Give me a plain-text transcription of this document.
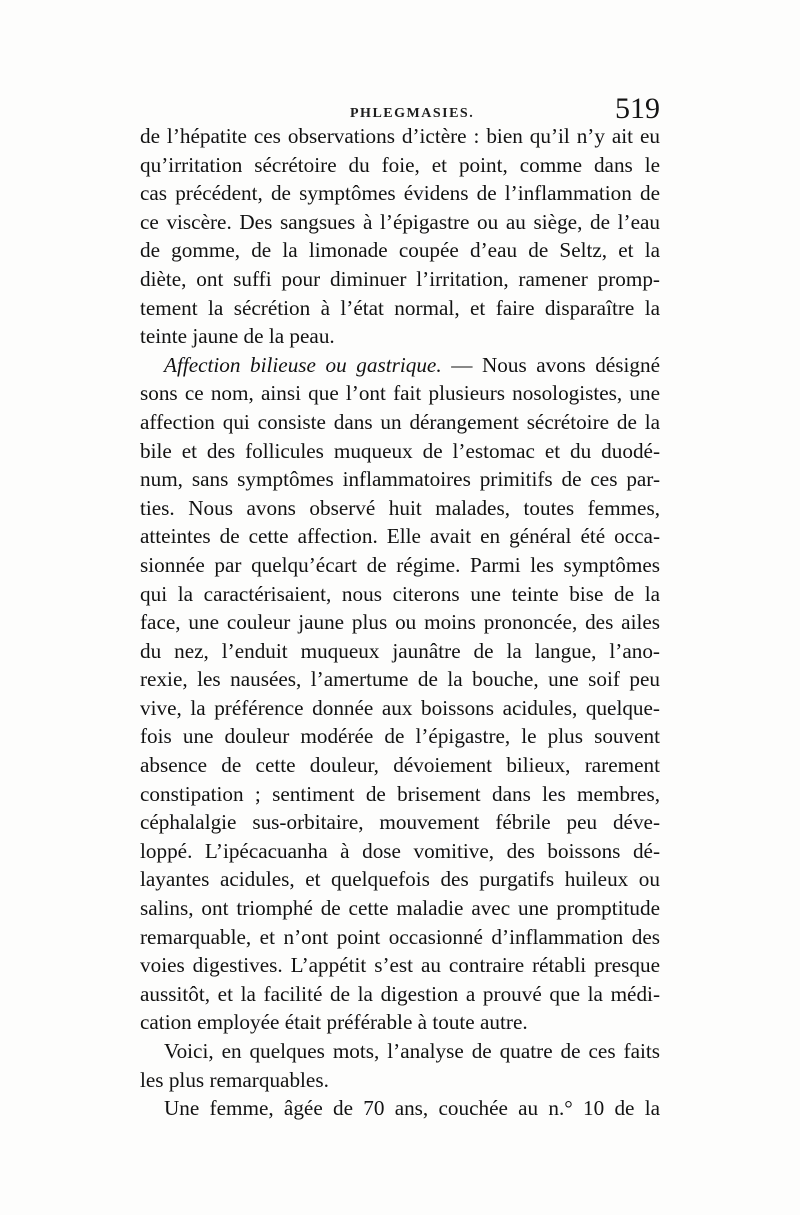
PHLEGMASIES.	519
de l’hépatite ces observations d’ictère : bien qu’il n’y ait eu
qu’irritation sécrétoire du foie, et point, comme dans le
cas précédent, de symptômes évidens de l’inflammation de
ce viscère. Des sangsues à l’épigastre ou au siège, de l’eau
de gomme, de la limonade coupée d’eau de Seltz, et la
diète, ont suffi pour diminuer l’irritation, ramener promp-
tement la sécrétion à l’état normal, et faire disparaître la
teinte jaune de la peau.
Affection bilieuse ou gastrique. — Nous avons désigné
sons ce nom, ainsi que l’ont fait plusieurs nosologistes, une
affection qui consiste dans un dérangement sécrétoire de la
bile et des follicules muqueux de l’estomac et du duodé-
num, sans symptômes inflammatoires primitifs de ces par-
ties. Nous avons observé huit malades, toutes femmes,
atteintes de cette affection. Elle avait en général été occa-
sionnée par quelqu’écart de régime. Parmi les symptômes
qui la caractérisaient, nous citerons une teinte bise de la
face, une couleur jaune plus ou moins prononcée, des ailes
du nez, l’enduit muqueux jaunâtre de la langue, l’ano-
rexie, les nausées, l’amertume de la bouche, une soif peu
vive, la préférence donnée aux boissons acidules, quelque-
fois une douleur modérée de l’épigastre, le plus souvent
absence de cette douleur, dévoiement bilieux, rarement
constipation ; sentiment de brisement dans les membres,
céphalalgie sus-orbitaire, mouvement fébrile peu déve-
loppé. L’ipécacuanha à dose vomitive, des boissons dé-
layantes acidules, et quelquefois des purgatifs huileux ou
salins, ont triomphé de cette maladie avec une promptitude
remarquable, et n’ont point occasionné d’inflammation des
voies digestives. L’appétit s’est au contraire rétabli presque
aussitôt, et la facilité de la digestion a prouvé que la médi-
cation employée était préférable à toute autre.
Voici, en quelques mots, l’analyse de quatre de ces faits
les plus remarquables.
Une femme, âgée de 70 ans, couchée au n.° 10 de la
